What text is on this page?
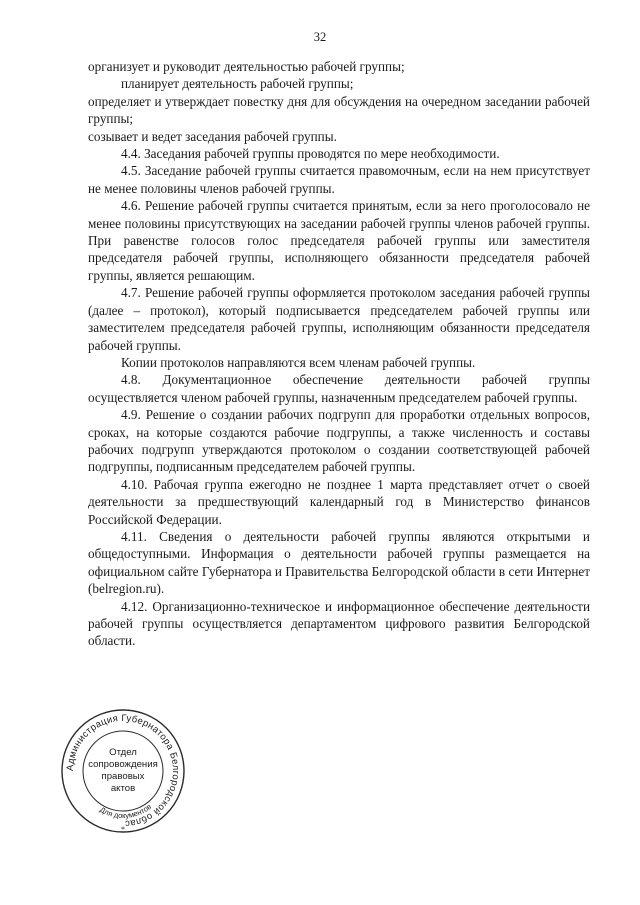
32

организует и руководит деятельностью рабочей группы;

планирует деятельность рабочей группы;

определяет и утверждает повестку дня для обсуждения на очередном заседании рабочей группы;

созывает и ведет заседания рабочей группы.

4.4. Заседания рабочей группы проводятся по мере необходимости.

4.5. Заседание рабочей группы считается правомочным, если на нем присутствует не менее половины членов рабочей группы.

4.6. Решение рабочей группы считается принятым, если за него проголосовало не менее половины присутствующих на заседании рабочей группы членов рабочей группы. При равенстве голосов голос председателя рабочей группы или заместителя председателя рабочей группы, исполняющего обязанности председателя рабочей группы, является решающим.

4.7. Решение рабочей группы оформляется протоколом заседания рабочей группы (далее – протокол), который подписывается председателем рабочей группы или заместителем председателя рабочей группы, исполняющим обязанности председателя рабочей группы.

Копии протоколов направляются всем членам рабочей группы.

4.8. Документационное обеспечение деятельности рабочей группы осуществляется членом рабочей группы, назначенным председателем рабочей группы.

4.9. Решение о создании рабочих подгрупп для проработки отдельных вопросов, сроках, на которые создаются рабочие подгруппы, а также численность и составы рабочих подгрупп утверждаются протоколом о создании соответствующей рабочей подгруппы, подписанным председателем рабочей группы.

4.10. Рабочая группа ежегодно не позднее 1 марта представляет отчет о своей деятельности за предшествующий календарный год в Министерство финансов Российской Федерации.

4.11. Сведения о деятельности рабочей группы являются открытыми и общедоступными. Информация о деятельности рабочей группы размещается на официальном сайте Губернатора и Правительства Белгородской области в сети Интернет (belregion.ru).

4.12. Организационно-техническое и информационное обеспечение деятельности рабочей группы осуществляется департаментом цифрового развития Белгородской области.

Администрация Губернатора Белгородской облас
Для документов
*
Отдел
сопровождения
правовых
актов
